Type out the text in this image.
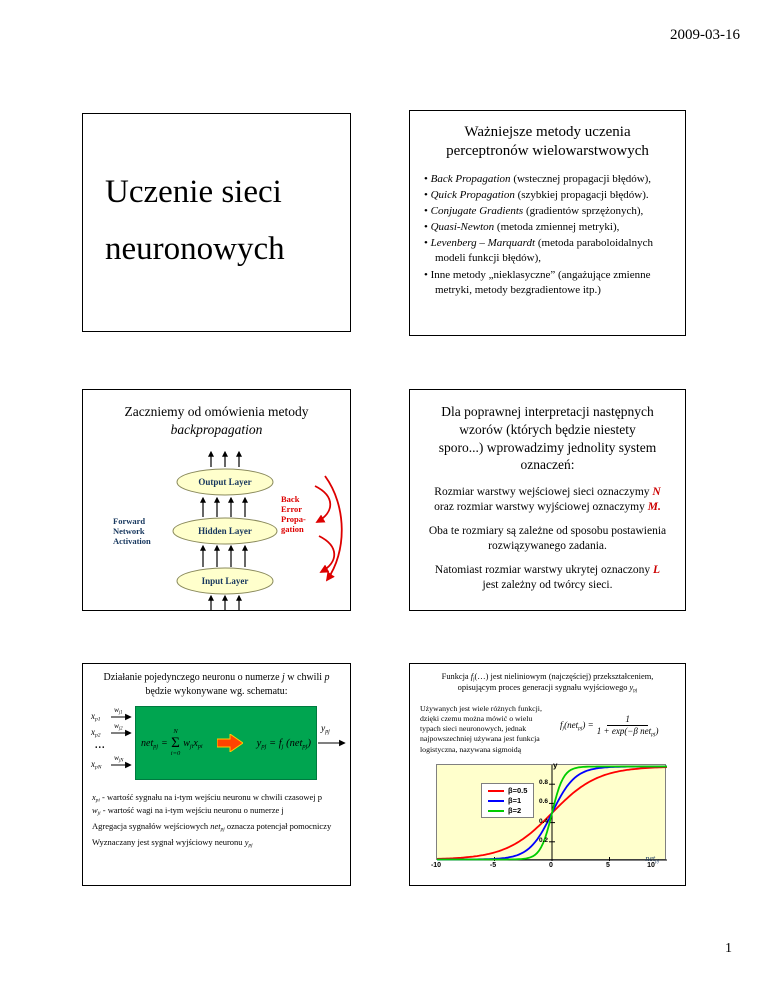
2009-03-16
Uczenie sieci
neuronowych
Ważniejsze metody uczenia
perceptronów wielowarstwowych
• Back Propagation (wstecznej propagacji błędów),
• Quick Propagation (szybkiej propagacji błędów).
• Conjugate Gradients (gradientów sprzężonych),
• Quasi-Newton (metoda zmiennej metryki),
• Levenberg – Marquardt (metoda paraboloidalnych modeli funkcji błędów),
• Inne metody „nieklasyczne” (angażujące zmienne metryki, metody bezgradientowe itp.)
Zaczniemy od omówienia metody
backpropagation
Output Layer
Hidden Layer
Input Layer
Forward
Network
Activation
Back
Error
Propa-
gation
Dla poprawnej interpretacji następnych wzorów (których będzie niestety sporo...) wprowadzimy jednolity system oznaczeń:

Rozmiar warstwy wejściowej sieci oznaczymy N
oraz rozmiar warstwy wyjściowej oznaczymy M.

Oba te rozmiary są zależne od sposobu postawienia rozwiązywanego zadania.

Natomiast rozmiar warstwy ukrytej oznaczony L
jest zależny od twórcy sieci.

Działanie pojedynczego neuronu o numerze j w chwili p
będzie wykonywane wg. schematu:
$x_{p1}$
$x_{p2}$
...
$x_{pN}$
$w_{j1}$
$w_{j2}$
$w_{jN}$
net$_{pj}$ =
N
Σ
i=0
$w_{ji}x_{pi}$	$y_{pj} = f_j$ (net$_{pj}$)
$y_{pj}$
$x_{pi}$ - wartość sygnału na i-tym wejściu neuronu w chwili czasowej p
$w_{ji}$ - wartość wagi na i-tym wejściu neuronu o numerze j
Agregacja sygnałów wejściowych net$_{pj}$ oznacza potencjał pomocniczy
Wyznaczany jest sygnał wyjściowy neuronu $y_{pj}$
Funkcja $f_j(\dots)$ jest nieliniowym (najczęściej) przekształceniem,
opisującym proces generacji sygnału wyjściowego $y_{pj}$
Używanych jest wiele różnych funkcji, dzięki czemu można mówić o wielu typach sieci neuronowych, jednak najpowszechniej używana jest funkcja logistyczna, nazywana sigmoidą
$f_j(net_{pj}) = \frac{1}{1 + \exp(-\beta net_{pj})}$
β=0.5
β=1
β=2
net$_{pj}$
y
0.8
0.6
0.4
0.2
-10	-5	0	5	10
1
